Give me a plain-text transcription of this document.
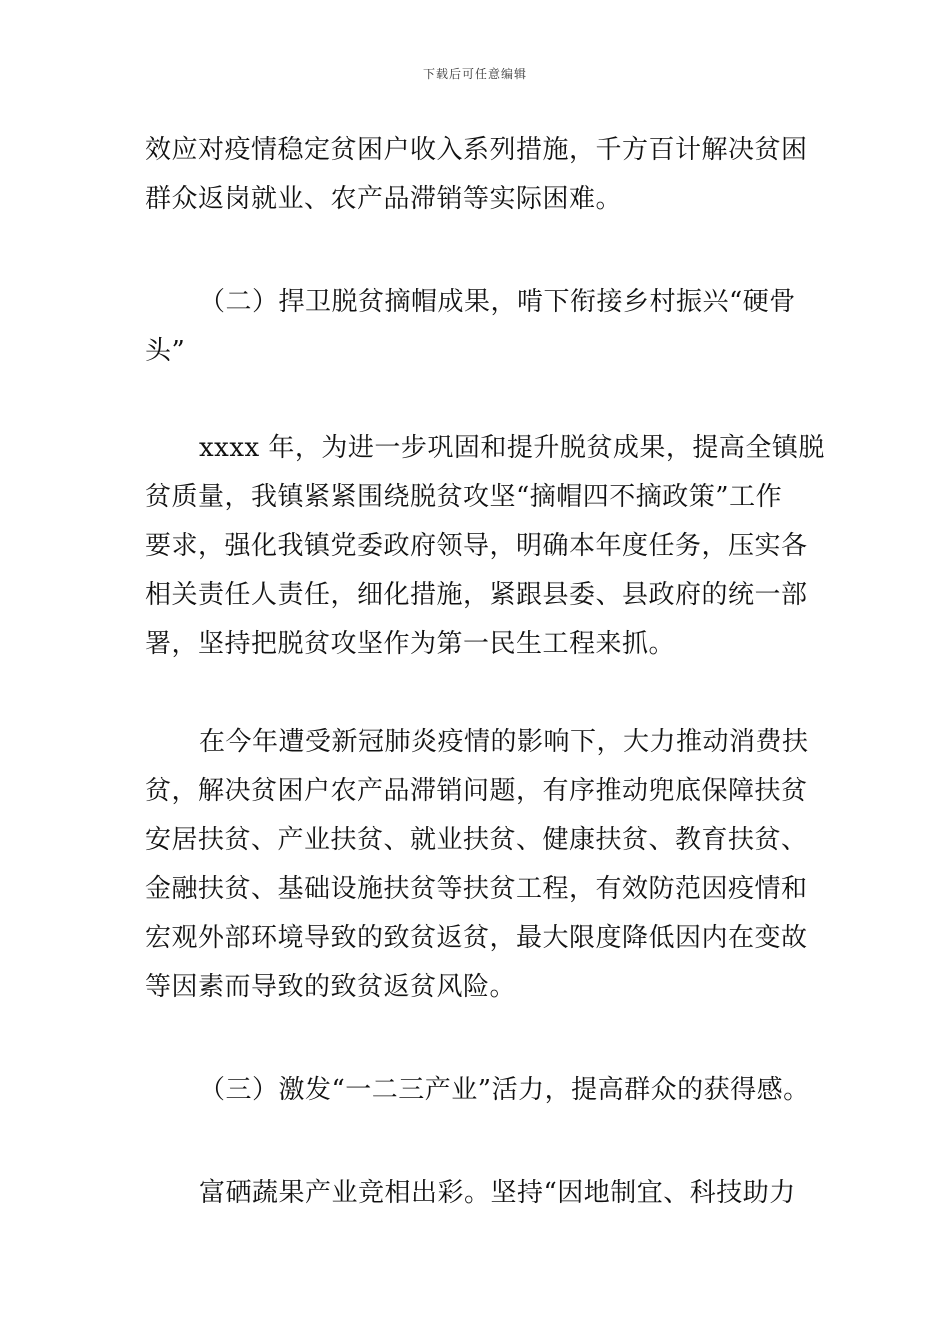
下载后可任意编辑
效应对疫情稳定贫困户收入系列措施，千方百计解决贫困
群众返岗就业、农产品滞销等实际困难。
（二）捍卫脱贫摘帽成果，啃下衔接乡村振兴“硬骨
头”
xxxx 年，为进一步巩固和提升脱贫成果，提高全镇脱
贫质量，我镇紧紧围绕脱贫攻坚“摘帽四不摘政策”工作
要求，强化我镇党委政府领导，明确本年度任务，压实各
相关责任人责任，细化措施，紧跟县委、县政府的统一部
署，坚持把脱贫攻坚作为第一民生工程来抓。
在今年遭受新冠肺炎疫情的影响下，大力推动消费扶
贫，解决贫困户农产品滞销问题，有序推动兜底保障扶贫
安居扶贫、产业扶贫、就业扶贫、健康扶贫、教育扶贫、
金融扶贫、基础设施扶贫等扶贫工程，有效防范因疫情和
宏观外部环境导致的致贫返贫，最大限度降低因内在变故
等因素而导致的致贫返贫风险。
（三）激发“一二三产业”活力，提高群众的获得感。
富硒蔬果产业竞相出彩。坚持“因地制宜、科技助力
